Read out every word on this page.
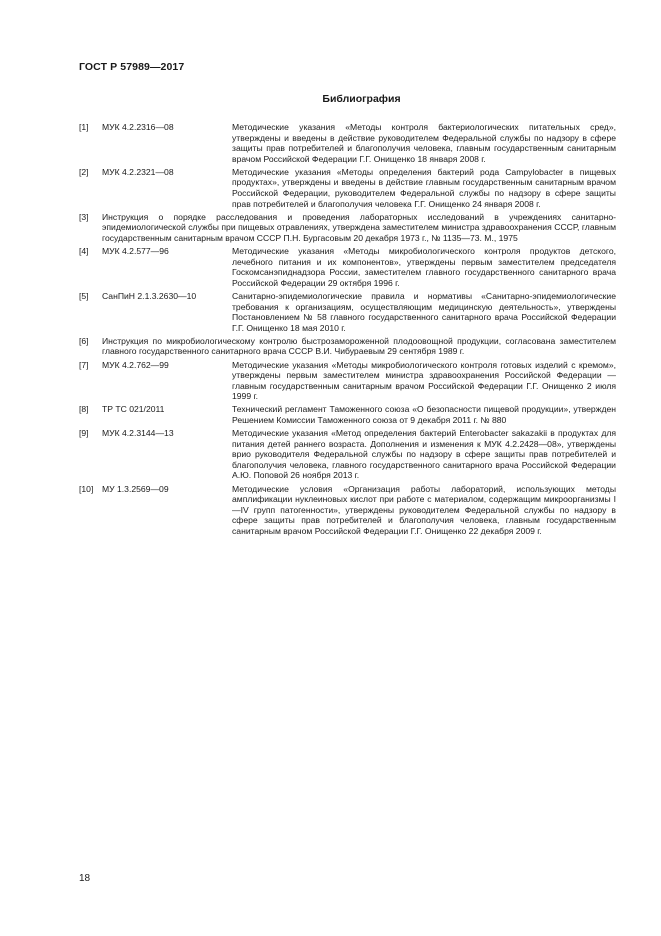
ГОСТ Р 57989—2017
Библиография
[1] МУК 4.2.2316—08	Методические указания «Методы контроля бактериологических питательных сред», утверждены и введены в действие руководителем Федеральной службы по надзору в сфере защиты прав потребителей и благополучия человека, главным государственным санитарным врачом Российской Федерации Г.Г. Онищенко 18 января 2008 г.
[2] МУК 4.2.2321—08	Методические указания «Методы определения бактерий рода Campylobacter в пищевых продуктах», утверждены и введены в действие главным государственным санитарным врачом Российской Федерации, руководителем Федеральной службы по надзору в сфере защиты прав потребителей и благополучия человека Г.Г. Онищенко 24 января 2008 г.
[3] Инструкция о порядке расследования и проведения лабораторных исследований в учреждениях санитарно-эпидемиологической службы при пищевых отравлениях, утверждена заместителем министра здравоохранения СССР, главным государственным санитарным врачом СССР П.Н. Бургасовым 20 декабря 1973 г., № 1135—73. М., 1975
[4] МУК 4.2.577—96	Методические указания «Методы микробиологического контроля продуктов детского, лечебного питания и их компонентов», утверждены первым заместителем председателя Госкомсанэпиднадзора России, заместителем главного государственного санитарного врача Российской Федерации 29 октября 1996 г.
[5] СанПиН 2.1.3.2630—10	Санитарно-эпидемиологические правила и нормативы «Санитарно-эпидемиологические требования к организациям, осуществляющим медицинскую деятельность», утверждены Постановлением № 58 главного государственного санитарного врача Российской Федерации Г.Г. Онищенко 18 мая 2010 г.
[6] Инструкция по микробиологическому контролю быстрозамороженной плодоовощной продукции, согласована заместителем главного государственного санитарного врача СССР В.И. Чибураевым 29 сентября 1989 г.
[7] МУК 4.2.762—99	Методические указания «Методы микробиологического контроля готовых изделий с кремом», утверждены первым заместителем министра здравоохранения Российской Федерации — главным государственным санитарным врачом Российской Федерации Г.Г. Онищенко 2 июля 1999 г.
[8] ТР ТС 021/2011	Технический регламент Таможенного союза «О безопасности пищевой продукции», утвержден Решением Комиссии Таможенного союза от 9 декабря 2011 г. № 880
[9] МУК 4.2.3144—13	Методические указания «Метод определения бактерий Enterobacter sakazakii в продуктах для питания детей раннего возраста. Дополнения и изменения к МУК 4.2.2428—08», утверждены врио руководителя Федеральной службы по надзору в сфере защиты прав потребителей и благополучия человека, главного государственного санитарного врача Российской Федерации А.Ю. Поповой 26 ноября 2013 г.
[10] МУ 1.3.2569—09	Методические условия «Организация работы лабораторий, использующих методы амплификации нуклеиновых кислот при работе с материалом, содержащим микроорганизмы I—IV групп патогенности», утверждены руководителем Федеральной службы по надзору в сфере защиты прав потребителей и благополучия человека, главным государственным санитарным врачом Российской Федерации Г.Г. Онищенко 22 декабря 2009 г.
18
